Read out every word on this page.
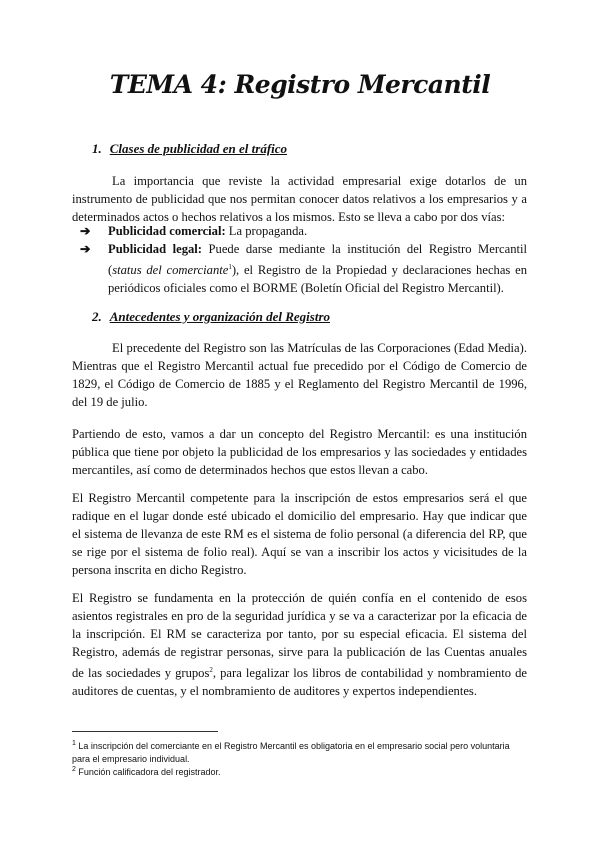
TEMA 4: Registro Mercantil
1. Clases de publicidad en el tráfico

La importancia que reviste la actividad empresarial exige dotarlos de un instrumento de publicidad que nos permitan conocer datos relativos a los empresarios y a determinados actos o hechos relativos a los mismos. Esto se lleva a cabo por dos vías:

➔ Publicidad comercial: La propaganda.
➔ Publicidad legal: Puede darse mediante la institución del Registro Mercantil (status del comerciante$^1$), el Registro de la Propiedad y declaraciones hechas en periódicos oficiales como el BORME (Boletín Oficial del Registro Mercantil).
2. Antecedentes y organización del Registro

El precedente del Registro son las Matrículas de las Corporaciones (Edad Media). Mientras que el Registro Mercantil actual fue precedido por el Código de Comercio de 1829, el Código de Comercio de 1885 y el Reglamento del Registro Mercantil de 1996, del 19 de julio.

Partiendo de esto, vamos a dar un concepto del Registro Mercantil: es una institución pública que tiene por objeto la publicidad de los empresarios y las sociedades y entidades mercantiles, así como de determinados hechos que estos llevan a cabo.

El Registro Mercantil competente para la inscripción de estos empresarios será el que radique en el lugar donde esté ubicado el domicilio del empresario. Hay que indicar que el sistema de llevanza de este RM es el sistema de folio personal (a diferencia del RP, que se rige por el sistema de folio real). Aquí se van a inscribir los actos y vicisitudes de la persona inscrita en dicho Registro.

El Registro se fundamenta en la protección de quién confía en el contenido de esos asientos registrales en pro de la seguridad jurídica y se va a caracterizar por la eficacia de la inscripción. El RM se caracteriza por tanto, por su especial eficacia. El sistema del Registro, además de registrar personas, sirve para la publicación de las Cuentas anuales de las sociedades y grupos$^2$, para legalizar los libros de contabilidad y nombramiento de auditores de cuentas, y el nombramiento de auditores y expertos independientes.

$^1$ La inscripción del comerciante en el Registro Mercantil es obligatoria en el empresario social pero voluntaria para el empresario individual.
$^2$ Función calificadora del registrador.
